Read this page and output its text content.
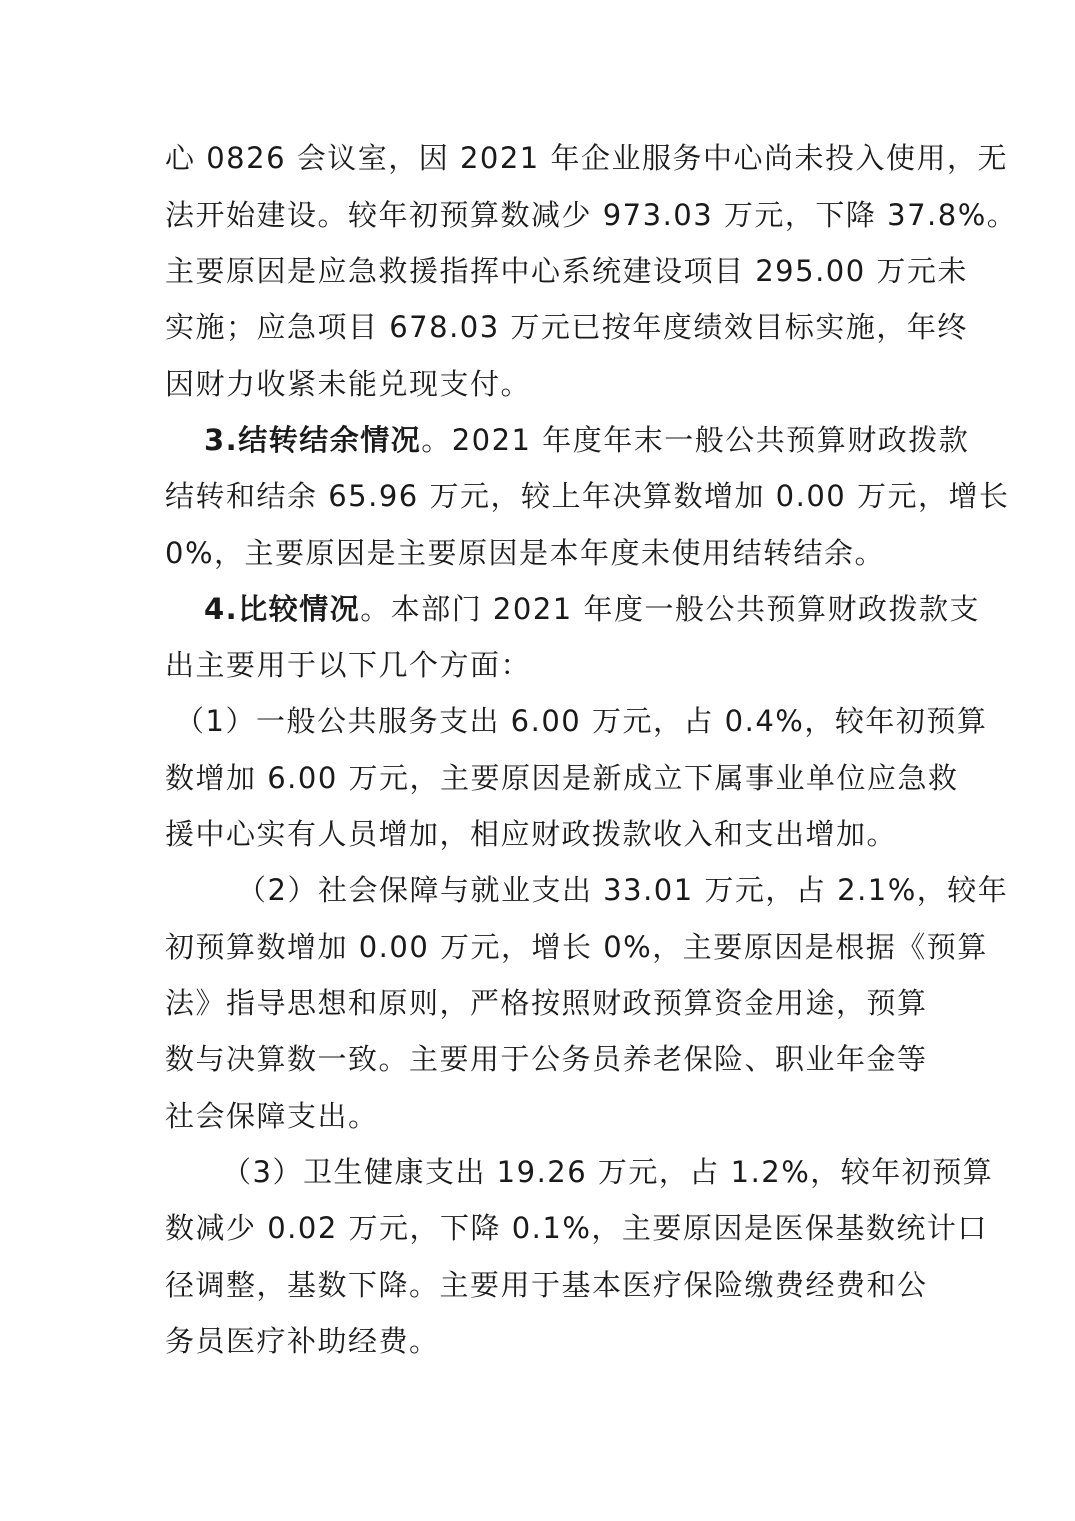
心 0826 会议室，因 2021 年企业服务中心尚未投入使用，无
法开始建设。较年初预算数减少 973.03 万元，下降 37.8%。
主要原因是应急救援指挥中心系统建设项目 295.00 万元未
实施；应急项目 678.03 万元已按年度绩效目标实施，年终
因财力收紧未能兑现支付。
3.结转结余情况。2021 年度年末一般公共预算财政拨款
结转和结余 65.96 万元，较上年决算数增加 0.00 万元，增长
0%，主要原因是主要原因是本年度未使用结转结余。
4.比较情况。本部门 2021 年度一般公共预算财政拨款支
出主要用于以下几个方面：
（1）一般公共服务支出 6.00 万元，占 0.4%，较年初预算
数增加 6.00 万元，主要原因是新成立下属事业单位应急救
援中心实有人员增加，相应财政拨款收入和支出增加。
（2）社会保障与就业支出 33.01 万元，占 2.1%，较年
初预算数增加 0.00 万元，增长 0%，主要原因是根据《预算
法》指导思想和原则，严格按照财政预算资金用途，预算
数与决算数一致。主要用于公务员养老保险、职业年金等
社会保障支出。
（3）卫生健康支出 19.26 万元，占 1.2%，较年初预算
数减少 0.02 万元，下降 0.1%，主要原因是医保基数统计口
径调整，基数下降。主要用于基本医疗保险缴费经费和公
务员医疗补助经费。
